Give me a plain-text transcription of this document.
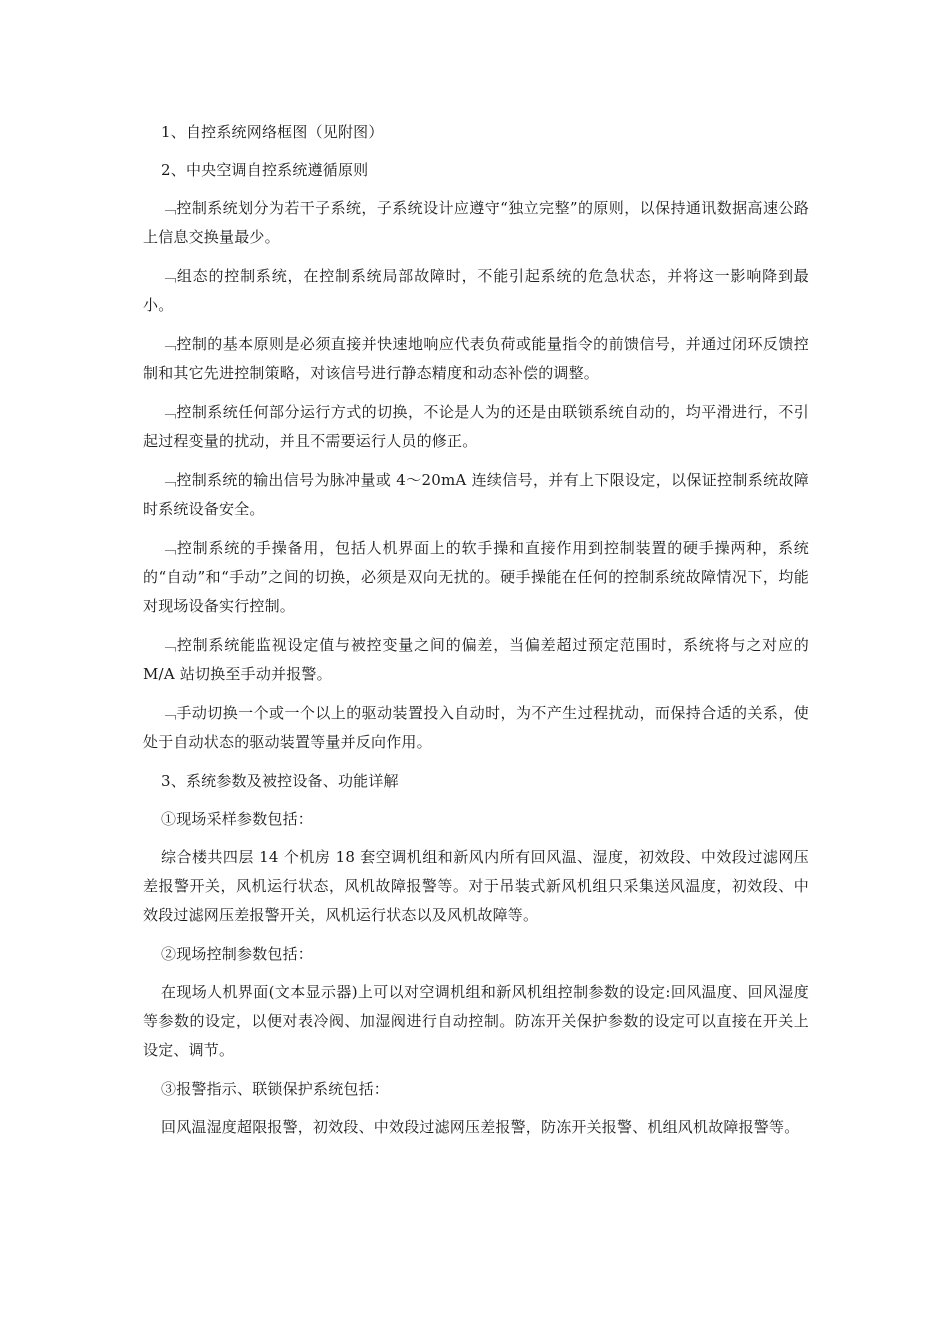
1、自控系统网络框图（见附图）

2、中央空调自控系统遵循原则

﹁控制系统划分为若干子系统，子系统设计应遵守“独立完整”的原则，以保持通讯数据高速公路上信息交换量最少。

﹁组态的控制系统，在控制系统局部故障时，不能引起系统的危急状态，并将这一影响降到最小。

﹁控制的基本原则是必须直接并快速地响应代表负荷或能量指令的前馈信号，并通过闭环反馈控制和其它先进控制策略，对该信号进行静态精度和动态补偿的调整。

﹁控制系统任何部分运行方式的切换，不论是人为的还是由联锁系统自动的，均平滑进行，不引起过程变量的扰动，并且不需要运行人员的修正。

﹁控制系统的输出信号为脉冲量或 4～20mA 连续信号，并有上下限设定，以保证控制系统故障时系统设备安全。

﹁控制系统的手操备用，包括人机界面上的软手操和直接作用到控制装置的硬手操两种，系统的“自动”和“手动”之间的切换，必须是双向无扰的。硬手操能在任何的控制系统故障情况下，均能对现场设备实行控制。

﹁控制系统能监视设定值与被控变量之间的偏差，当偏差超过预定范围时，系统将与之对应的 M/A 站切换至手动并报警。

﹁手动切换一个或一个以上的驱动装置投入自动时，为不产生过程扰动，而保持合适的关系，使处于自动状态的驱动装置等量并反向作用。

3、系统参数及被控设备、功能详解

①现场采样参数包括：

综合楼共四层 14 个机房 18 套空调机组和新风内所有回风温、湿度，初效段、中效段过滤网压差报警开关，风机运行状态，风机故障报警等。对于吊装式新风机组只采集送风温度，初效段、中效段过滤网压差报警开关，风机运行状态以及风机故障等。

②现场控制参数包括：

在现场人机界面(文本显示器)上可以对空调机组和新风机组控制参数的设定:回风温度、回风湿度等参数的设定，以便对表冷阀、加湿阀进行自动控制。防冻开关保护参数的设定可以直接在开关上设定、调节。

③报警指示、联锁保护系统包括：

回风温湿度超限报警，初效段、中效段过滤网压差报警，防冻开关报警、机组风机故障报警等。
